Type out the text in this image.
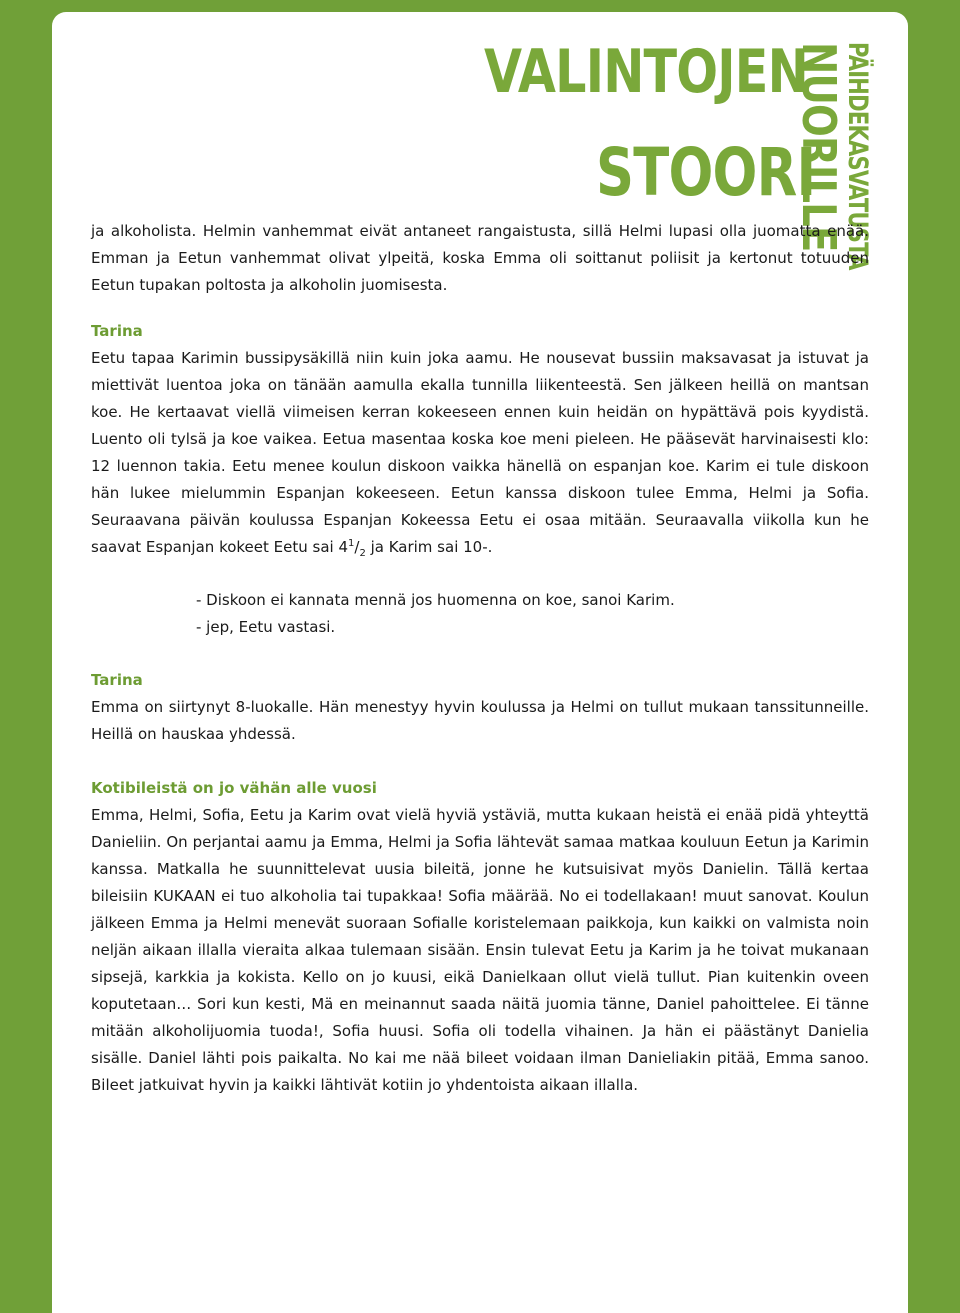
VALINTOJEN
STOORI
NUORILLE
PÄIHDEKASVATUSTA

ja alkoholista. Helmin vanhemmat eivät antaneet rangaistusta, sillä Helmi lupasi olla juomatta enää. Emman ja Eetun vanhemmat olivat ylpeitä, koska Emma oli soittanut poliisit ja kertonut totuuden Eetun tupakan poltosta ja alkoholin juomisesta.

Tarina

Eetu tapaa Karimin bussipysäkillä niin kuin joka aamu. He nousevat bussiin maksavasat ja istuvat ja miettivät luentoa joka on tänään aamulla ekalla tunnilla liikenteestä. Sen jälkeen heillä on mantsan koe. He kertaavat viellä viimeisen kerran kokeeseen ennen kuin heidän on hypättävä pois kyydistä. Luento oli tylsä ja koe vaikea. Eetua masentaa koska koe meni pieleen. He pääsevät harvinaisesti klo: 12 luennon takia. Eetu menee koulun diskoon vaikka hänellä on espanjan koe. Karim ei tule diskoon hän lukee mielummin Espanjan kokeeseen. Eetun kanssa diskoon tulee Emma, Helmi ja Sofia. Seuraavana päivän koulussa Espanjan Kokeessa Eetu ei osaa mitään. Seuraavalla viikolla kun he saavat Espanjan kokeet Eetu sai $4^1/_2$ ja Karim sai 10-.

- Diskoon ei kannata mennä jos huomenna on koe, sanoi Karim.

- jep, Eetu vastasi.

Tarina

Emma on siirtynyt 8-luokalle. Hän menestyy hyvin koulussa ja Helmi on tullut mukaan tanssitunneille. Heillä on hauskaa yhdessä.

Kotibileistä on jo vähän alle vuosi

Emma, Helmi, Sofia, Eetu ja Karim ovat vielä hyviä ystäviä, mutta kukaan heistä ei enää pidä yhteyttä Danieliin. On perjantai aamu ja Emma, Helmi ja Sofia lähtevät samaa matkaa kouluun Eetun ja Karimin kanssa. Matkalla he suunnittelevat uusia bileitä, jonne he kutsuisivat myös Danielin. Tällä kertaa bileisiin KUKAAN ei tuo alkoholia tai tupakkaa! Sofia määrää. No ei todellakaan! muut sanovat. Koulun jälkeen Emma ja Helmi menevät suoraan Sofialle koristelemaan paikkoja, kun kaikki on valmista noin neljän aikaan illalla vieraita alkaa tulemaan sisään. Ensin tulevat Eetu ja Karim ja he toivat mukanaan sipsejä, karkkia ja kokista. Kello on jo kuusi, eikä Danielkaan ollut vielä tullut. Pian kuitenkin oveen koputetaan… Sori kun kesti, Mä en meinannut saada näitä juomia tänne, Daniel pahoittelee. Ei tänne mitään alkoholijuomia tuoda!, Sofia huusi. Sofia oli todella vihainen. Ja hän ei päästänyt Danielia sisälle. Daniel lähti pois paikalta. No kai me nää bileet voidaan ilman Danieliakin pitää, Emma sanoo. Bileet jatkuivat hyvin ja kaikki lähtivät kotiin jo yhdentoista aikaan illalla.
